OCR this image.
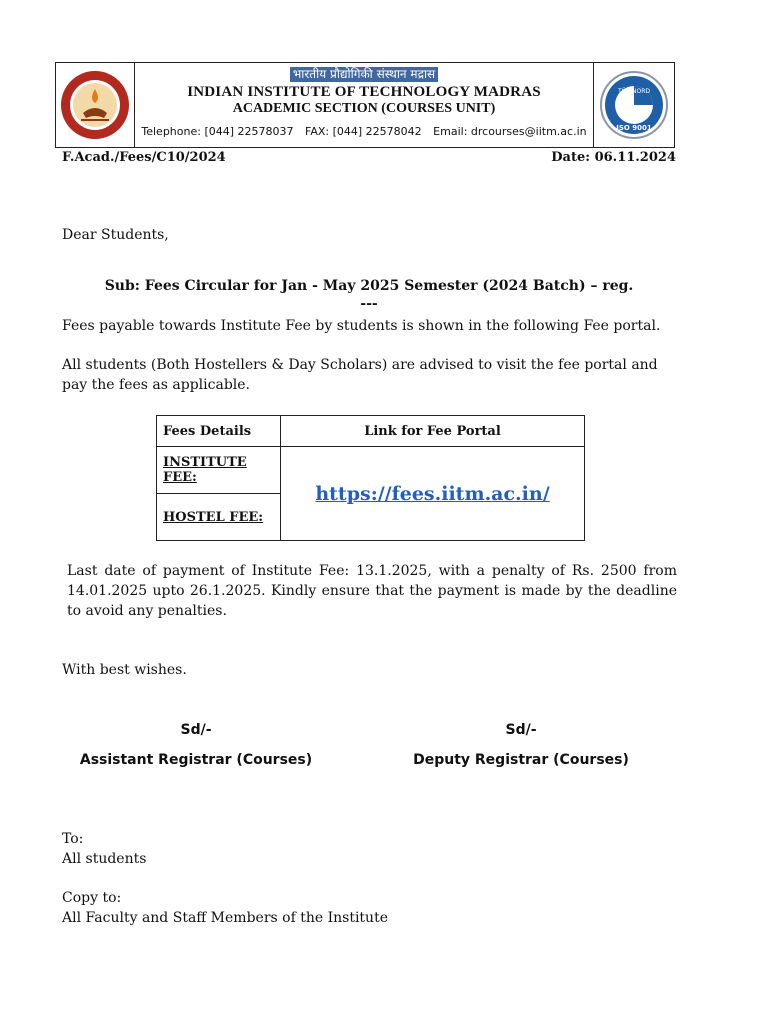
भारतीय प्रौद्योगिकी संस्थान मद्रास
INDIAN INSTITUTE OF TECHNOLOGY MADRAS
ACADEMIC SECTION (COURSES UNIT)
Telephone: [044] 22578037 FAX: [044] 22578042 Email: drcourses@iitm.ac.in
TÜV NORD
ISO 9001
F.Acad./Fees/C10/2024	Date: 06.11.2024
Dear Students,
Sub: Fees Circular for Jan - May 2025 Semester (2024 Batch) – reg.
---
Fees payable towards Institute Fee by students is shown in the following Fee portal.
All students (Both Hostellers & Day Scholars) are advised to visit the fee portal and pay the fees as applicable.
Fees Details	Link for Fee Portal
INSTITUTE FEE:	https://fees.iitm.ac.in/
HOSTEL FEE:	
Last date of payment of Institute Fee: 13.1.2025, with a penalty of Rs. 2500 from 14.01.2025 upto 26.1.2025. Kindly ensure that the payment is made by the deadline to avoid any penalties.
With best wishes.
Sd/-
Assistant Registrar (Courses)
Sd/-
Deputy Registrar (Courses)
To:
All students
Copy to:
All Faculty and Staff Members of the Institute
